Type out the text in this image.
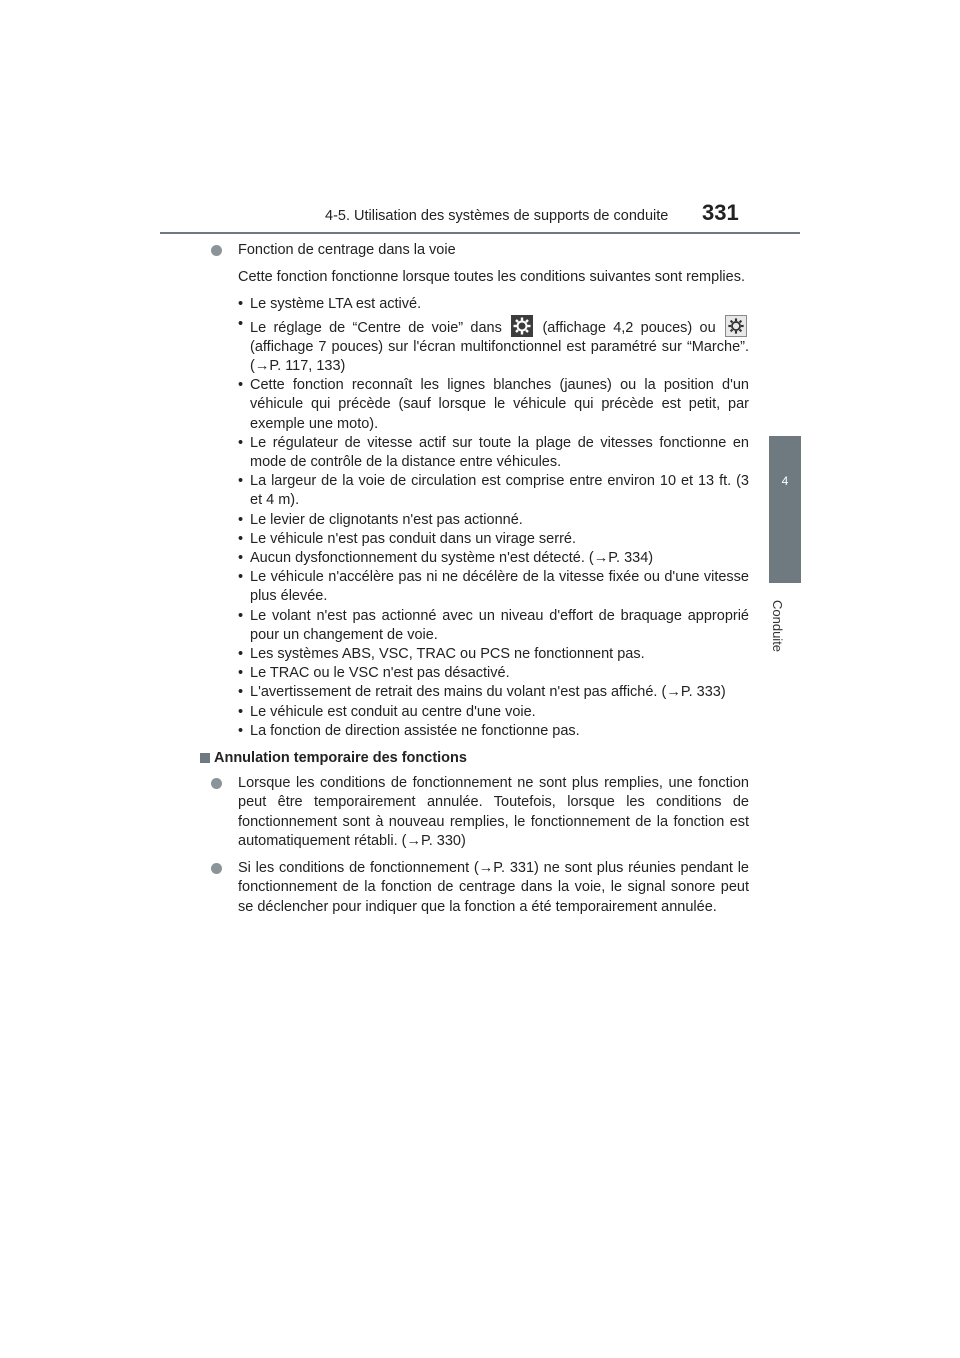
4-5. Utilisation des systèmes de supports de conduite 331
4
Conduite
Fonction de centrage dans la voie
Cette fonction fonctionne lorsque toutes les conditions suivantes sont remplies.
• Le système LTA est activé.
• Le réglage de “Centre de voie” dans
(affichage 4,2 pouces) ou
(affichage 7 pouces) sur l'écran multifonctionnel est paramétré sur “Marche”. (→P. 117, 133)
• Cette fonction reconnaît les lignes blanches (jaunes) ou la position d'un véhicule qui précède (sauf lorsque le véhicule qui précède est petit, par exemple une moto).
• Le régulateur de vitesse actif sur toute la plage de vitesses fonctionne en mode de contrôle de la distance entre véhicules.
• La largeur de la voie de circulation est comprise entre environ 10 et 13 ft. (3 et 4 m).
• Le levier de clignotants n'est pas actionné.
• Le véhicule n'est pas conduit dans un virage serré.
• Aucun dysfonctionnement du système n'est détecté. (→P. 334)
• Le véhicule n'accélère pas ni ne décélère de la vitesse fixée ou d'une vitesse plus élevée.
• Le volant n'est pas actionné avec un niveau d'effort de braquage approprié pour un changement de voie.
• Les systèmes ABS, VSC, TRAC ou PCS ne fonctionnent pas.
• Le TRAC ou le VSC n'est pas désactivé.
• L'avertissement de retrait des mains du volant n'est pas affiché. (→P. 333)
• Le véhicule est conduit au centre d'une voie.
• La fonction de direction assistée ne fonctionne pas.
Annulation temporaire des fonctions
Lorsque les conditions de fonctionnement ne sont plus remplies, une fonction peut être temporairement annulée. Toutefois, lorsque les conditions de fonctionnement sont à nouveau remplies, le fonctionnement de la fonction est automatiquement rétabli. (→P. 330)
Si les conditions de fonctionnement (→P. 331) ne sont plus réunies pendant le fonctionnement de la fonction de centrage dans la voie, le signal sonore peut se déclencher pour indiquer que la fonction a été temporairement annulée.
